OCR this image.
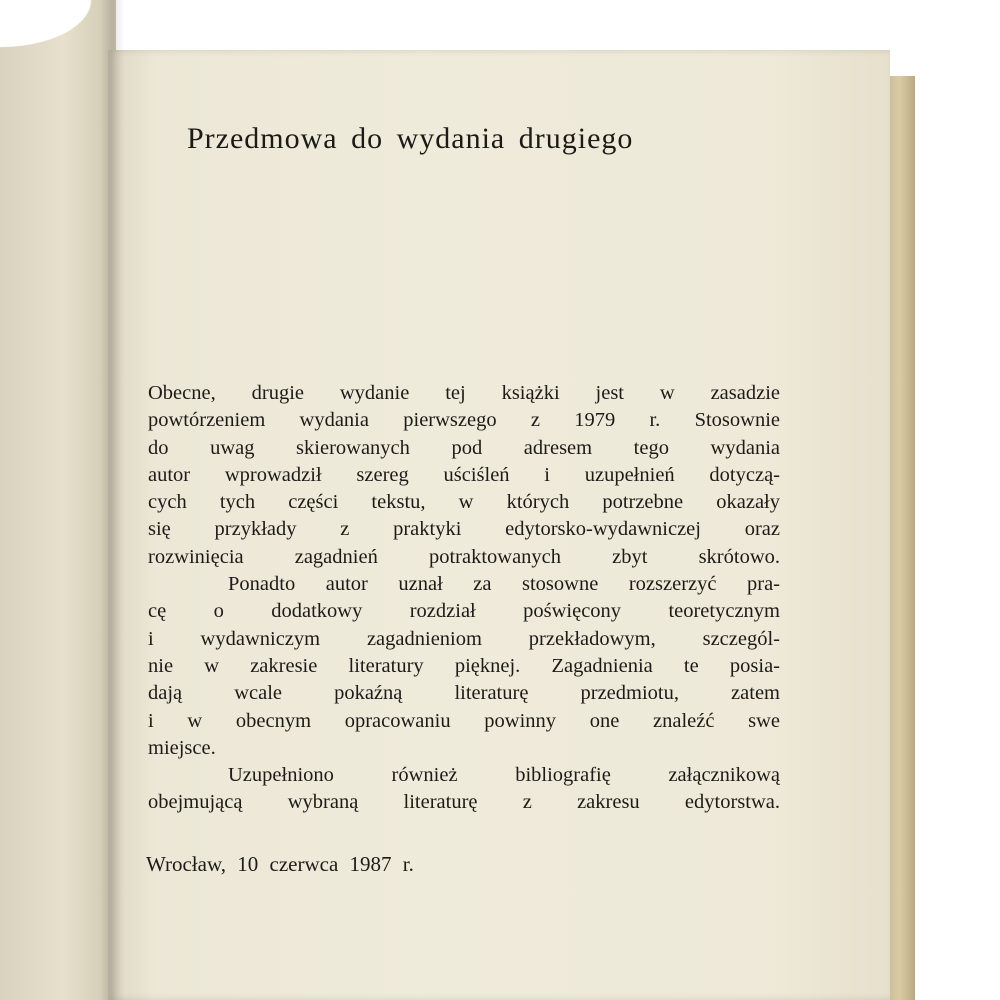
Przedmowa do wydania drugiego
Obecne, drugie wydanie tej książki jest w zasadzie
powtórzeniem wydania pierwszego z 1979 r. Stosownie
do uwag skierowanych pod adresem tego wydania
autor wprowadził szereg uściśleń i uzupełnień dotyczą-
cych tych części tekstu, w których potrzebne okazały
się przykłady z praktyki edytorsko-wydawniczej oraz
rozwinięcia zagadnień potraktowanych zbyt skrótowo.
Ponadto autor uznał za stosowne rozszerzyć pra-
cę o dodatkowy rozdział poświęcony teoretycznym
i wydawniczym zagadnieniom przekładowym, szczegól-
nie w zakresie literatury pięknej. Zagadnienia te posia-
dają wcale pokaźną literaturę przedmiotu, zatem
i w obecnym opracowaniu powinny one znaleźć swe
miejsce.
Uzupełniono również bibliografię załącznikową
obejmującą wybraną literaturę z zakresu edytorstwa.
Wrocław, 10 czerwca 1987 r.
